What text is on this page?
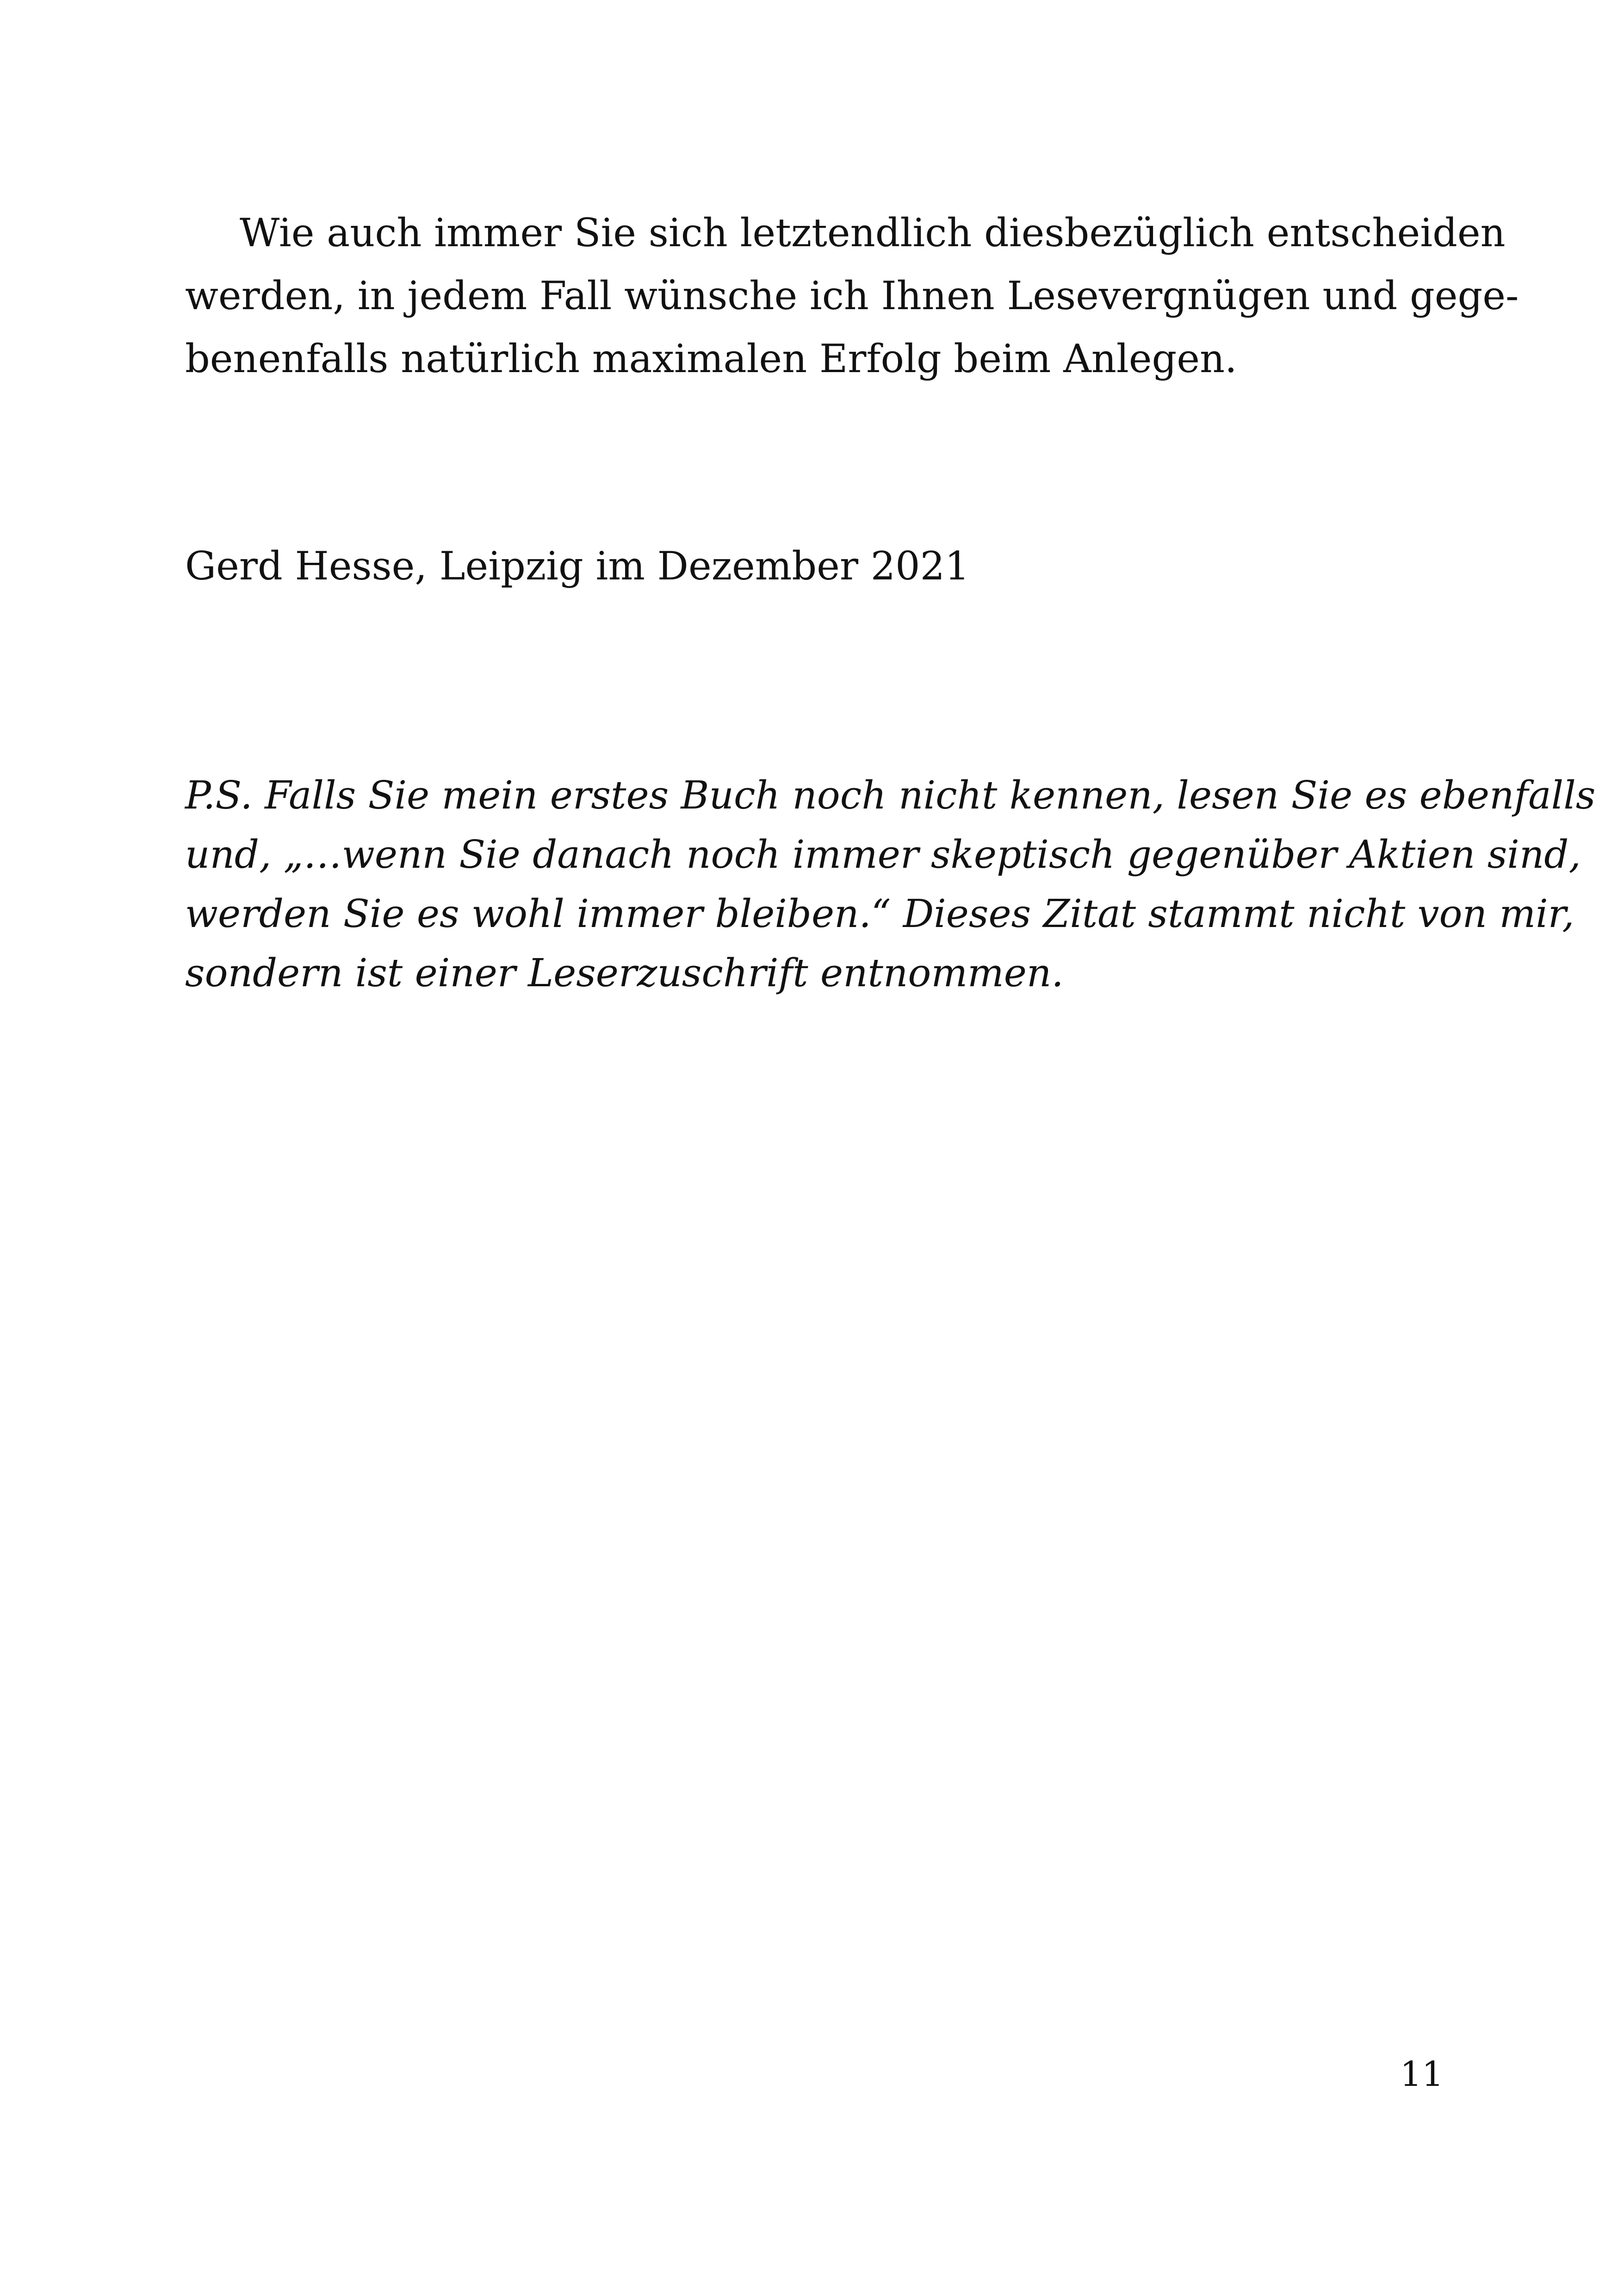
Wie auch immer Sie sich letztendlich diesbezüglich entscheiden
werden, in jedem Fall wünsche ich Ihnen Lesevergnügen und gege-
benenfalls natürlich maximalen Erfolg beim Anlegen.
Gerd Hesse, Leipzig im Dezember 2021
P.S. Falls Sie mein erstes Buch noch nicht kennen, lesen Sie es ebenfalls
und, „…wenn Sie danach noch immer skeptisch gegenüber Aktien sind,
werden Sie es wohl immer bleiben.“ Dieses Zitat stammt nicht von mir,
sondern ist einer Leserzuschrift entnommen.
11
